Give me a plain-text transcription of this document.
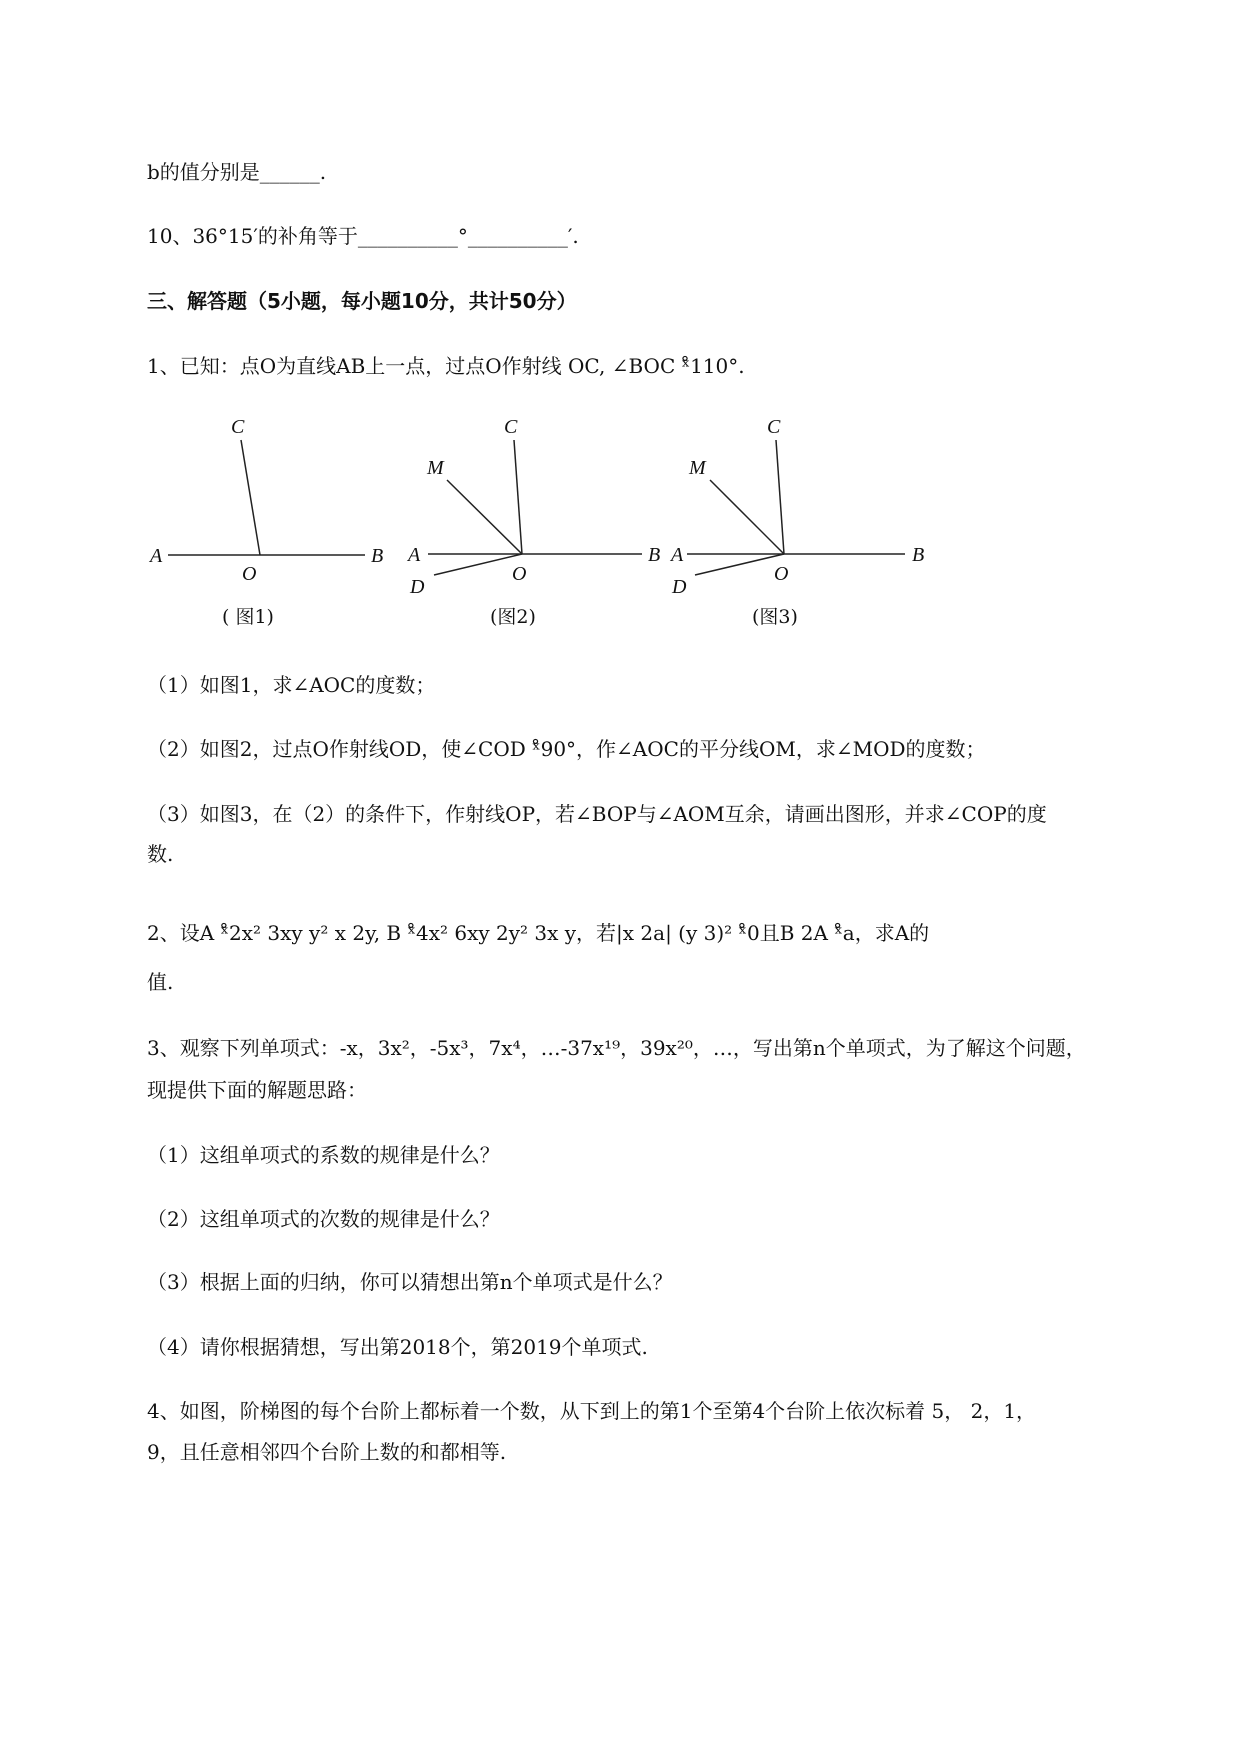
b的值分别是______.
10、36°15′的补角等于__________°__________′.
三、解答题（5小题，每小题10分，共计50分）
1、已知：点O为直线AB上一点，过点O作射线 OC, ∠BOC ˣ̊110°.
A	B
O
C
( 图1)
A	B
O
C
M
D
(图2)
A	B
O
C
M
D
(图3)
（1）如图1，求∠AOC的度数；
（2）如图2，过点O作射线OD，使∠COD ˣ̊90°，作∠AOC的平分线OM，求∠MOD的度数；
（3）如图3，在（2）的条件下，作射线OP，若∠BOP与∠AOM互余，请画出图形，并求∠COP的度
数.
2、设A ˣ̊2x² 3xy y² x 2y, B ˣ̊4x² 6xy 2y² 3x y，若|x 2a| (y 3)² ˣ̊0且B 2A ˣ̊a，求A的
值.
3、观察下列单项式：-x，3x²，-5x³，7x⁴，…-37x¹⁹，39x²⁰，…，写出第n个单项式，为了解这个问题，
现提供下面的解题思路：
（1）这组单项式的系数的规律是什么？
（2）这组单项式的次数的规律是什么？
（3）根据上面的归纳，你可以猜想出第n个单项式是什么？
（4）请你根据猜想，写出第2018个，第2019个单项式.
4、如图，阶梯图的每个台阶上都标着一个数，从下到上的第1个至第4个台阶上依次标着 5， 2，1，
9，且任意相邻四个台阶上数的和都相等.
